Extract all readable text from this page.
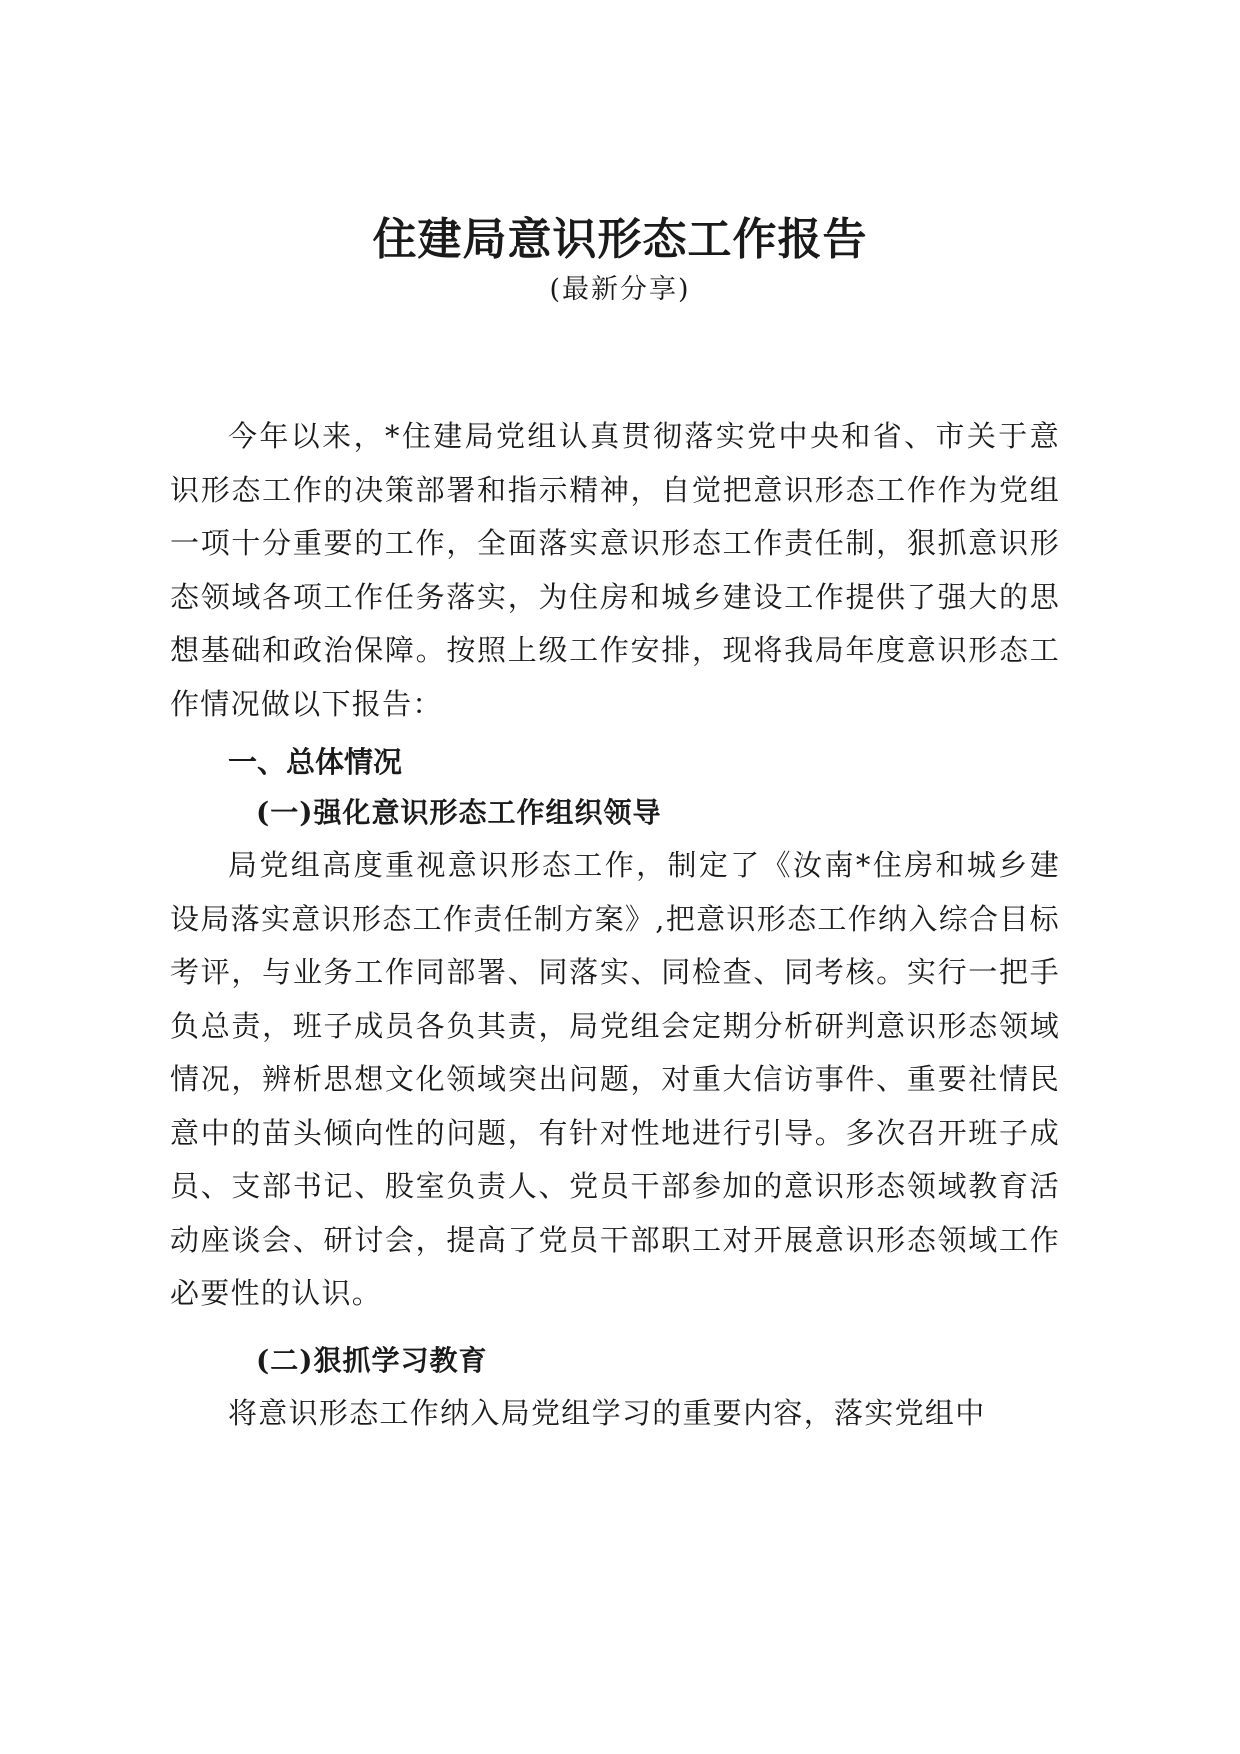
住建局意识形态工作报告
(最新分享)

今年以来，*住建局党组认真贯彻落实党中央和省、市关于意识形态工作的决策部署和指示精神，自觉把意识形态工作作为党组一项十分重要的工作，全面落实意识形态工作责任制，狠抓意识形态领域各项工作任务落实，为住房和城乡建设工作提供了强大的思想基础和政治保障。按照上级工作安排，现将我局年度意识形态工作情况做以下报告：

一、总体情况
(一)强化意识形态工作组织领导

局党组高度重视意识形态工作，制定了《汝南*住房和城乡建设局落实意识形态工作责任制方案》,把意识形态工作纳入综合目标考评，与业务工作同部署、同落实、同检查、同考核。实行一把手负总责，班子成员各负其责，局党组会定期分析研判意识形态领域情况，辨析思想文化领域突出问题，对重大信访事件、重要社情民意中的苗头倾向性的问题，有针对性地进行引导。多次召开班子成员、支部书记、股室负责人、党员干部参加的意识形态领域教育活动座谈会、研讨会，提高了党员干部职工对开展意识形态领域工作必要性的认识。

(二)狠抓学习教育

将意识形态工作纳入局党组学习的重要内容，落实党组中
